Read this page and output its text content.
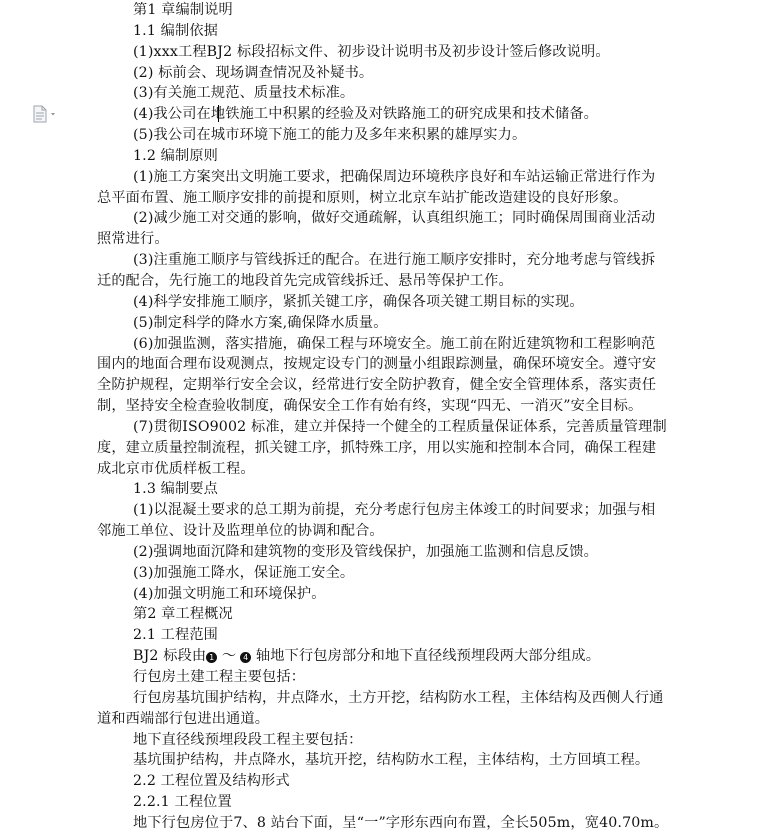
第1 章编制说明
1.1 编制依据
(1)xxx工程BJ2 标段招标文件、初步设计说明书及初步设计签后修改说明。
(2) 标前会、现场调查情况及补疑书。
(3)有关施工规范、质量技术标准。
(4)我公司在地铁施工中积累的经验及对铁路施工的研究成果和技术储备。
(5)我公司在城市环境下施工的能力及多年来积累的雄厚实力。
1.2 编制原则
(1)施工方案突出文明施工要求，把确保周边环境秩序良好和车站运输正常进行作为
总平面布置、施工顺序安排的前提和原则，树立北京车站扩能改造建设的良好形象。
(2)减少施工对交通的影响，做好交通疏解，认真组织施工；同时确保周围商业活动
照常进行。
(3)注重施工顺序与管线拆迁的配合。在进行施工顺序安排时，充分地考虑与管线拆
迁的配合，先行施工的地段首先完成管线拆迁、悬吊等保护工作。
(4)科学安排施工顺序，紧抓关键工序，确保各项关键工期目标的实现。
(5)制定科学的降水方案,确保降水质量。
(6)加强监测，落实措施，确保工程与环境安全。施工前在附近建筑物和工程影响范
围内的地面合理布设观测点，按规定设专门的测量小组跟踪测量，确保环境安全。遵守安
全防护规程，定期举行安全会议，经常进行安全防护教育，健全安全管理体系，落实责任
制，坚持安全检查验收制度，确保安全工作有始有终，实现“四无、一消灭”安全目标。
(7)贯彻ISO9002 标准，建立并保持一个健全的工程质量保证体系，完善质量管理制
度，建立质量控制流程，抓关键工序，抓特殊工序，用以实施和控制本合同，确保工程建
成北京市优质样板工程。
1.3 编制要点
(1)以混凝土要求的总工期为前提，充分考虑行包房主体竣工的时间要求；加强与相
邻施工单位、设计及监理单位的协调和配合。
(2)强调地面沉降和建筑物的变形及管线保护，加强施工监测和信息反馈。
(3)加强施工降水，保证施工安全。
(4)加强文明施工和环境保护。
第2 章工程概况
2.1 工程范围
BJ2 标段由 1 ～ 4 轴地下行包房部分和地下直径线预埋段两大部分组成。
行包房土建工程主要包括：
行包房基坑围护结构，井点降水，土方开挖，结构防水工程，主体结构及西侧人行通
道和西端部行包进出通道。
地下直径线预埋段段工程主要包括：
基坑围护结构，井点降水，基坑开挖，结构防水工程，主体结构，土方回填工程。
2.2 工程位置及结构形式
2.2.1 工程位置
地下行包房位于7、8 站台下面，呈“一”字形东西向布置，全长505m，宽40.70m。
